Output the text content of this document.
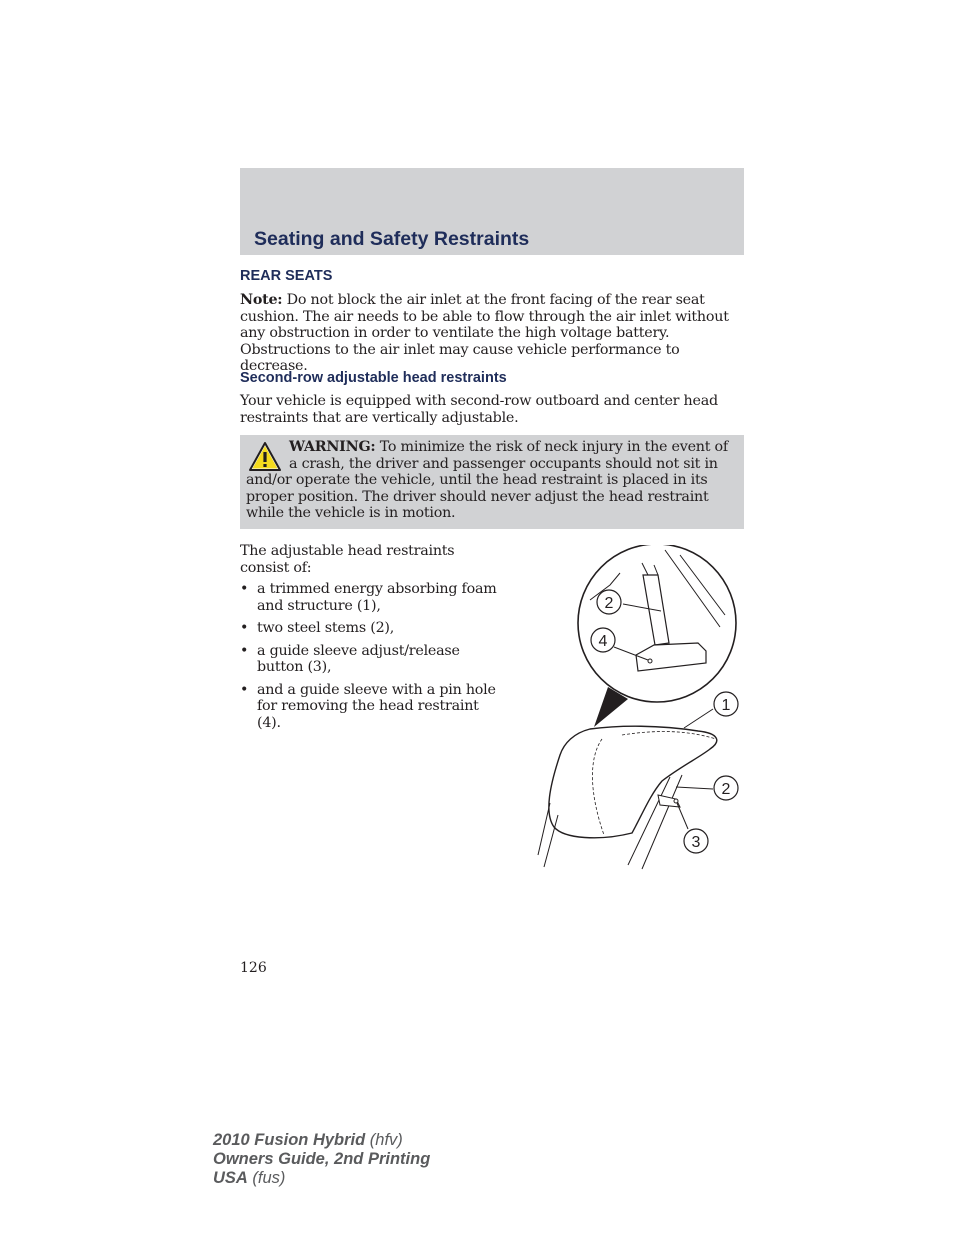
Seating and Safety Restraints
REAR SEATS

Note: Do not block the air inlet at the front facing of the rear seat cushion. The air needs to be able to flow through the air inlet without any obstruction in order to ventilate the high voltage battery. Obstructions to the air inlet may cause vehicle performance to decrease.

Second-row adjustable head restraints

Your vehicle is equipped with second-row outboard and center head restraints that are vertically adjustable.

WARNING: To minimize the risk of neck injury in the event of a crash, the driver and passenger occupants should not sit in and/or operate the vehicle, until the head restraint is placed in its proper position. The driver should never adjust the head restraint while the vehicle is in motion.

The adjustable head restraints consist of:

• a trimmed energy absorbing foam and structure (1),
• two steel stems (2),
• a guide sleeve adjust/release button (3),
• and a guide sleeve with a pin hole for removing the head restraint (4).
2
4
1
2
3

126

2010 Fusion Hybrid (hfv)
Owners Guide, 2nd Printing
USA (fus)
